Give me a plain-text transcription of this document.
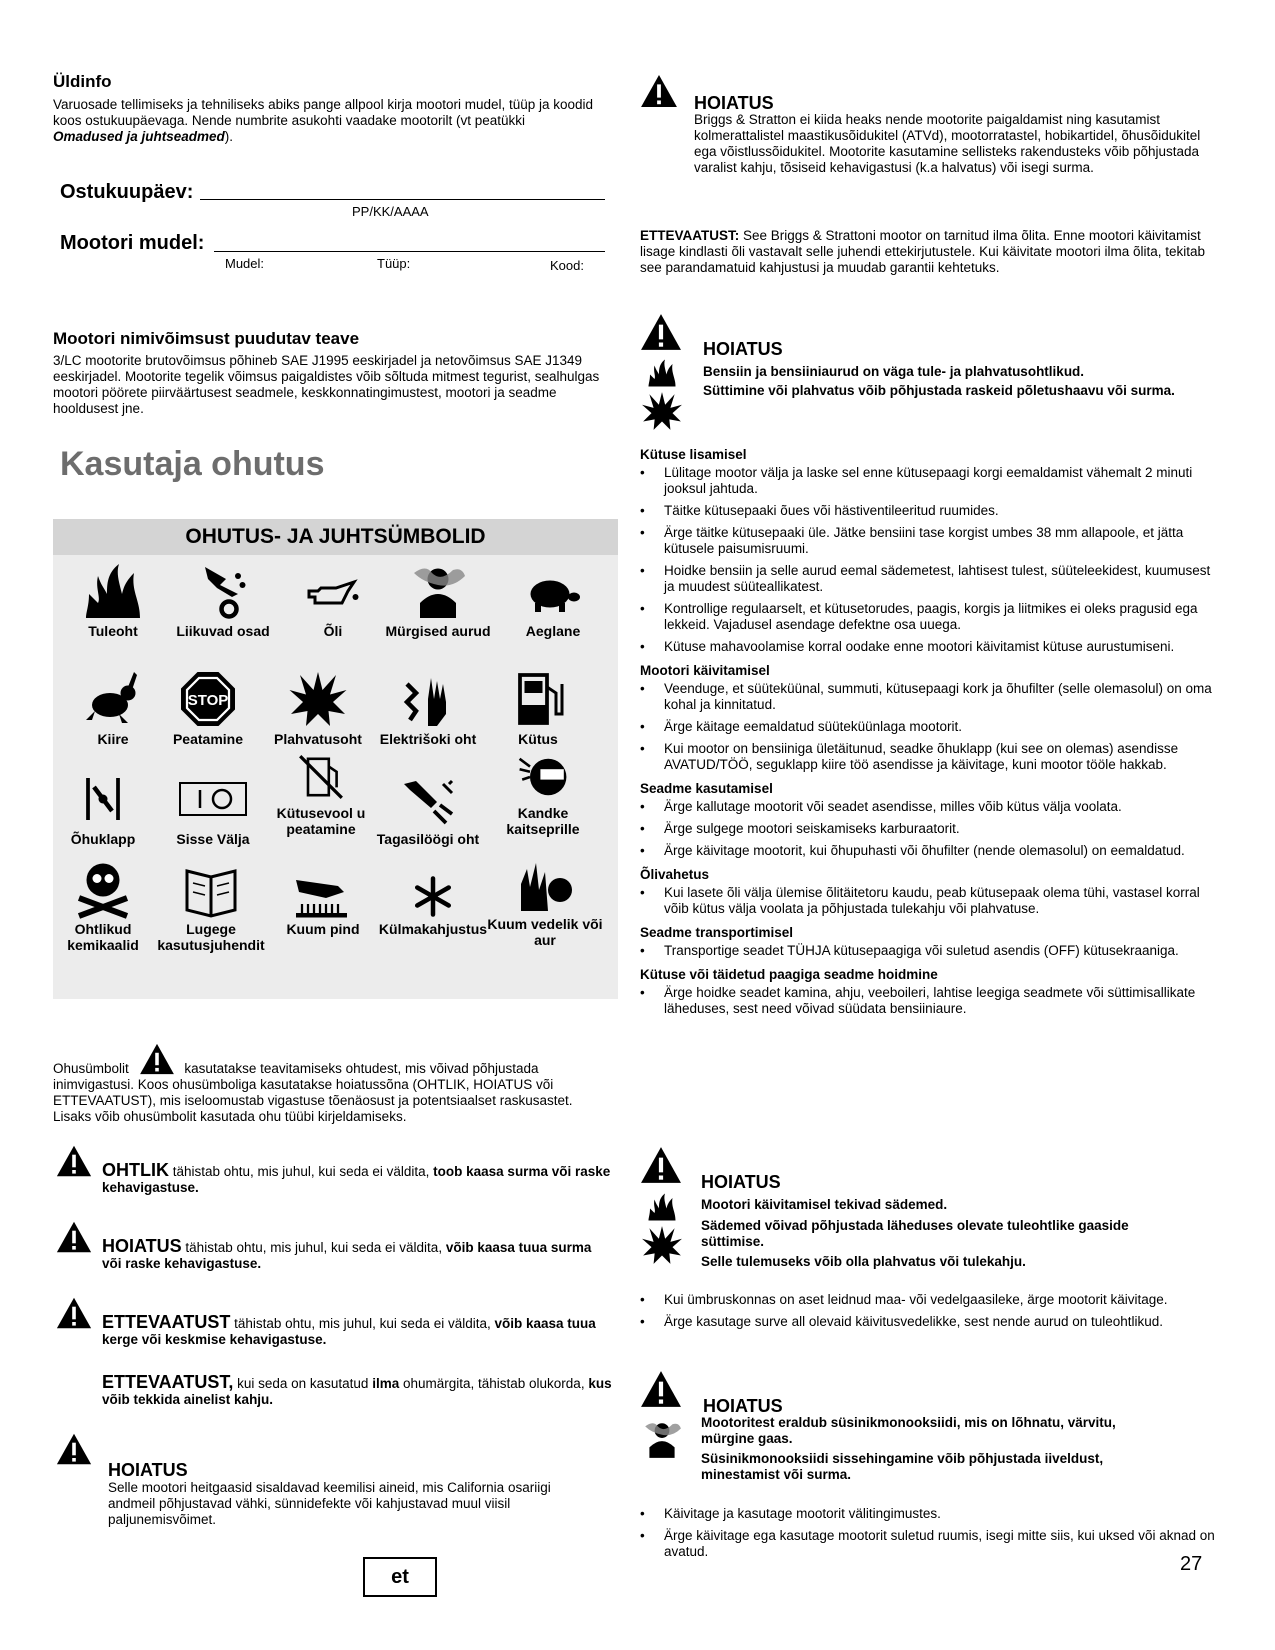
Üldinfo
Varuosade tellimiseks ja tehniliseks abiks pange allpool kirja mootori mudel, tüüp ja koodid koos ostukuupäevaga. Nende numbrite asukohti vaadake mootorilt (vt peatükki Omadused ja juhtseadmed).
Ostukuupäev:
PP/KK/AAAA
Mootori mudel:
Mudel:	Tüüp:	Kood:
Mootori nimivõimsust puudutav teave
3/LC mootorite brutovõimsus põhineb SAE J1995 eeskirjadel ja netovõimsus SAE J1349 eeskirjadel. Mootorite tegelik võimsus paigaldistes võib sõltuda mitmest tegurist, sealhulgas mootori pöörete piirväärtusest seadmele, keskkonnatingimustest, mootori ja seadme hooldusest jne.
Kasutaja ohutus
OHUTUS- JA JUHTSÜMBOLID
Tuleoht	Liikuvad osad	Õli	Mürgised aurud	Aeglane
Kiire
STOP
Peatamine	Plahvatusoht	Elektrišoki oht	Kütus
Õhuklapp	Sisse Välja
Kütusevool u peatamine
Tagasilöögi oht
Kandke kaitseprille
Ohtlikud kemikaalid
Lugege kasutusjuhendit
Kuum pind	Külmakahjustus Kuum vedelik või aur
Ohusümbolit	kasutatakse teavitamiseks ohtudest, mis võivad põhjustada inimvigastusi. Koos ohusümboliga kasutatakse hoiatussõna (OHTLIK, HOIATUS või ETTEVAATUST), mis iseloomustab vigastuse tõenäosust ja potentsiaalset raskusastet. Lisaks võib ohusümbolit kasutada ohu tüübi kirjeldamiseks.
OHTLIK tähistab ohtu, mis juhul, kui seda ei väldita, toob kaasa surma või raske kehavigastuse.
HOIATUS tähistab ohtu, mis juhul, kui seda ei väldita, võib kaasa tuua surma või raske kehavigastuse.
ETTEVAATUST tähistab ohtu, mis juhul, kui seda ei väldita, võib kaasa tuua kerge või keskmise kehavigastuse.
ETTEVAATUST, kui seda on kasutatud ilma ohumärgita, tähistab olukorda, kus võib tekkida ainelist kahju.
HOIATUS
Selle mootori heitgaasid sisaldavad keemilisi aineid, mis California osariigi andmeil põhjustavad vähki, sünnidefekte või kahjustavad muul viisil paljunemisvõimet.
et
27
HOIATUS
Briggs & Stratton ei kiida heaks nende mootorite paigaldamist ning kasutamist kolmerattalistel maastikusõidukitel (ATVd), mootorratastel, hobikartidel, õhusõidukitel ega võistlussõidukitel. Mootorite kasutamine sellisteks rakendusteks võib põhjustada varalist kahju, tõsiseid kehavigastusi (k.a halvatus) või isegi surma.
ETTEVAATUST: See Briggs & Strattoni mootor on tarnitud ilma õlita. Enne mootori käivitamist lisage kindlasti õli vastavalt selle juhendi ettekirjutustele. Kui käivitate mootori ilma õlita, tekitab see parandamatuid kahjustusi ja muudab garantii kehtetuks.
HOIATUS
Bensiin ja bensiiniaurud on väga tule- ja plahvatusohtlikud.
Süttimine või plahvatus võib põhjustada raskeid põletushaavu või surma.
Kütuse lisamisel
• Lülitage mootor välja ja laske sel enne kütusepaagi korgi eemaldamist vähemalt 2 minuti jooksul jahtuda.
• Täitke kütusepaaki õues või hästiventileeritud ruumides.
• Ärge täitke kütusepaaki üle. Jätke bensiini tase korgist umbes 38 mm allapoole, et jätta kütusele paisumisruumi.
• Hoidke bensiin ja selle aurud eemal sädemetest, lahtisest tulest, süüteleekidest, kuumusest ja muudest süüteallikatest.
• Kontrollige regulaarselt, et kütusetorudes, paagis, korgis ja liitmikes ei oleks pragusid ega lekkeid. Vajadusel asendage defektne osa uuega.
• Kütuse mahavoolamise korral oodake enne mootori käivitamist kütuse aurustumiseni.
Mootori käivitamisel
• Veenduge, et süüteküünal, summuti, kütusepaagi kork ja õhufilter (selle olemasolul) on oma kohal ja kinnitatud.
• Ärge käitage eemaldatud süüteküünlaga mootorit.
• Kui mootor on bensiiniga ületäitunud, seadke õhuklapp (kui see on olemas) asendisse AVATUD/TÖÖ, seguklapp kiire töö asendisse ja käivitage, kuni mootor tööle hakkab.
Seadme kasutamisel
• Ärge kallutage mootorit või seadet asendisse, milles võib kütus välja voolata.
• Ärge sulgege mootori seiskamiseks karburaatorit.
• Ärge käivitage mootorit, kui õhupuhasti või õhufilter (nende olemasolul) on eemaldatud.
Õlivahetus
• Kui lasete õli välja ülemise õlitäitetoru kaudu, peab kütusepaak olema tühi, vastasel korral võib kütus välja voolata ja põhjustada tulekahju või plahvatuse.
Seadme transportimisel
• Transportige seadet TÜHJA kütusepaagiga või suletud asendis (OFF) kütusekraaniga.
Kütuse või täidetud paagiga seadme hoidmine
• Ärge hoidke seadet kamina, ahju, veeboileri, lahtise leegiga seadmete või süttimisallikate läheduses, sest need võivad süüdata bensiiniaure.
HOIATUS
Mootori käivitamisel tekivad sädemed.
Sädemed võivad põhjustada läheduses olevate tuleohtlike gaaside süttimise.
Selle tulemuseks võib olla plahvatus või tulekahju.
• Kui ümbruskonnas on aset leidnud maa- või vedelgaasileke, ärge mootorit käivitage.
• Ärge kasutage surve all olevaid käivitusvedelikke, sest nende aurud on tuleohtlikud.
HOIATUS
Mootoritest eraldub süsinikmonooksiidi, mis on lõhnatu, värvitu, mürgine gaas.
Süsinikmonooksiidi sissehingamine võib põhjustada iiveldust, minestamist või surma.
• Käivitage ja kasutage mootorit välitingimustes.
• Ärge käivitage ega kasutage mootorit suletud ruumis, isegi mitte siis, kui uksed või aknad on avatud.
